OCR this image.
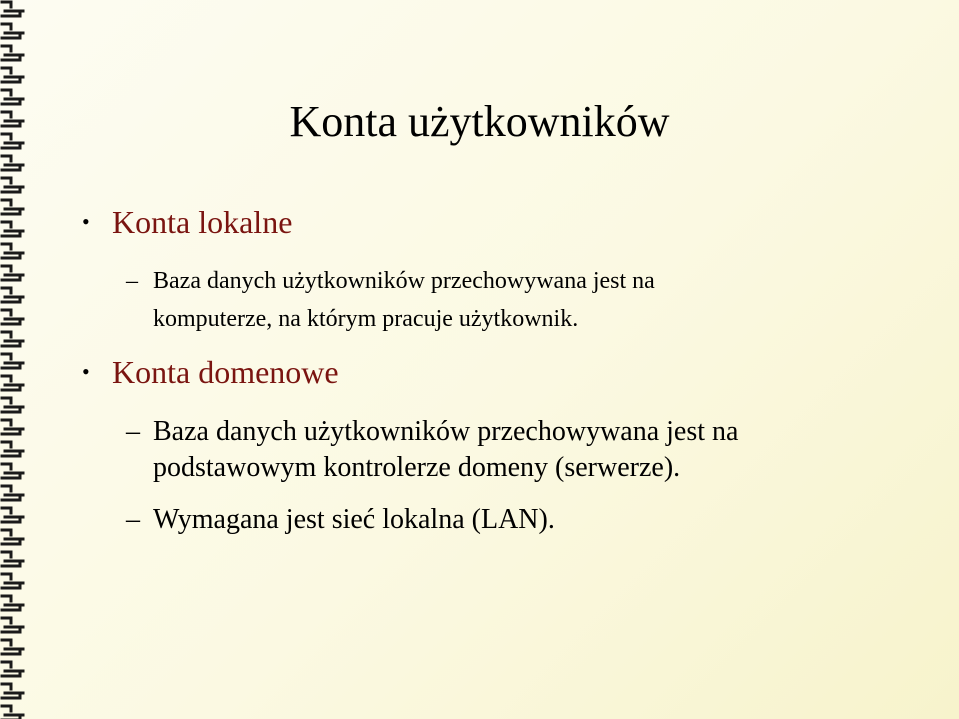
Konta użytkowników
• Konta lokalne
– Baza danych użytkowników przechowywana jest na
komputerze, na którym pracuje użytkownik.
• Konta domenowe
– Baza danych użytkowników przechowywana jest na
podstawowym kontrolerze domeny (serwerze).
– Wymagana jest sieć lokalna (LAN).
